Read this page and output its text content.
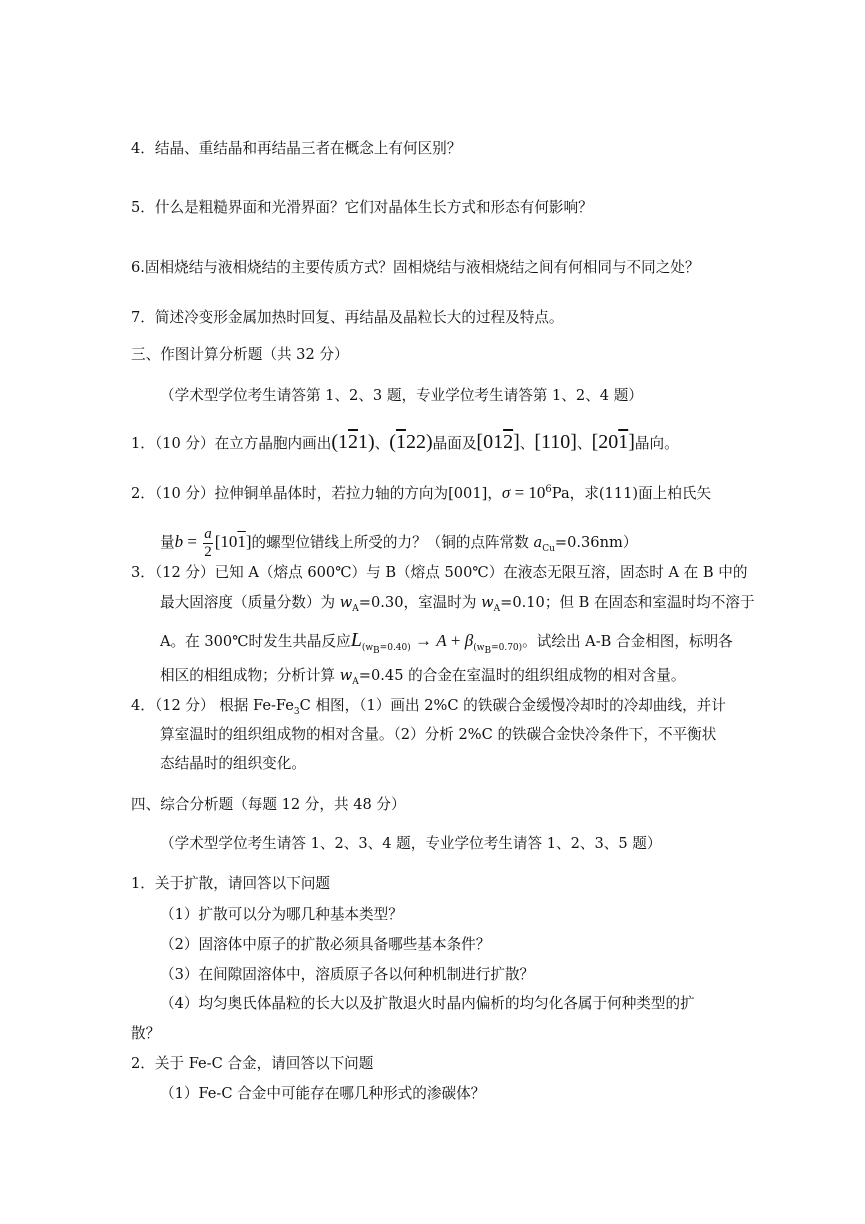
4．结晶、重结晶和再结晶三者在概念上有何区别？
5．什么是粗糙界面和光滑界面？它们对晶体生长方式和形态有何影响？
6.固相烧结与液相烧结的主要传质方式？固相烧结与液相烧结之间有何相同与不同之处？
7．简述冷变形金属加热时回复、再结晶及晶粒长大的过程及特点。
三、作图计算分析题（共 32 分）
（学术型学位考生请答第 1、2、3 题，专业学位考生请答第 1、2、4 题）
1．（10 分）在立方晶胞内画出(121)、(122)晶面及[012]、[110]、[201]晶向。
2．（10 分）拉伸铜单晶体时，若拉力轴的方向为[001]，$\sigma = 10^6Pa$，求(111)面上柏氏矢
量$b = \frac{a}{2} [101]$的螺型位错线上所受的力？（铜的点阵常数 $a_{Cu}=0.36nm$）
3．（12 分）已知 A（熔点 600℃）与 B（熔点 500℃）在液态无限互溶，固态时 A 在 B 中的
最大固溶度（质量分数）为 $w_A=0.30$，室温时为 $w_A=0.10$；但 B 在固态和室温时均不溶于
A。在 300℃时发生共晶反应$L_{(w_B=0.40)} \to A + \beta_{(w_B=0.70)}$。试绘出 A-B 合金相图，标明各
相区的相组成物；分析计算 $w_A=0.45$ 的合金在室温时的组织组成物的相对含量。
4．（12 分） 根据 $Fe-Fe_3C$ 相图，（1）画出 2%C 的铁碳合金缓慢冷却时的冷却曲线，并计
算室温时的组织组成物的相对含量。（2）分析 2%C 的铁碳合金快冷条件下，不平衡状
态结晶时的组织变化。
四、综合分析题（每题 12 分，共 48 分）
（学术型学位考生请答 1、2、3、4 题，专业学位考生请答 1、2、3、5 题）
1．关于扩散，请回答以下问题
（1）扩散可以分为哪几种基本类型？
（2）固溶体中原子的扩散必须具备哪些基本条件？
（3）在间隙固溶体中，溶质原子各以何种机制进行扩散？
（4）均匀奥氏体晶粒的长大以及扩散退火时晶内偏析的均匀化各属于何种类型的扩
散？
2．关于 Fe-C 合金，请回答以下问题
（1）Fe-C 合金中可能存在哪几种形式的渗碳体？
